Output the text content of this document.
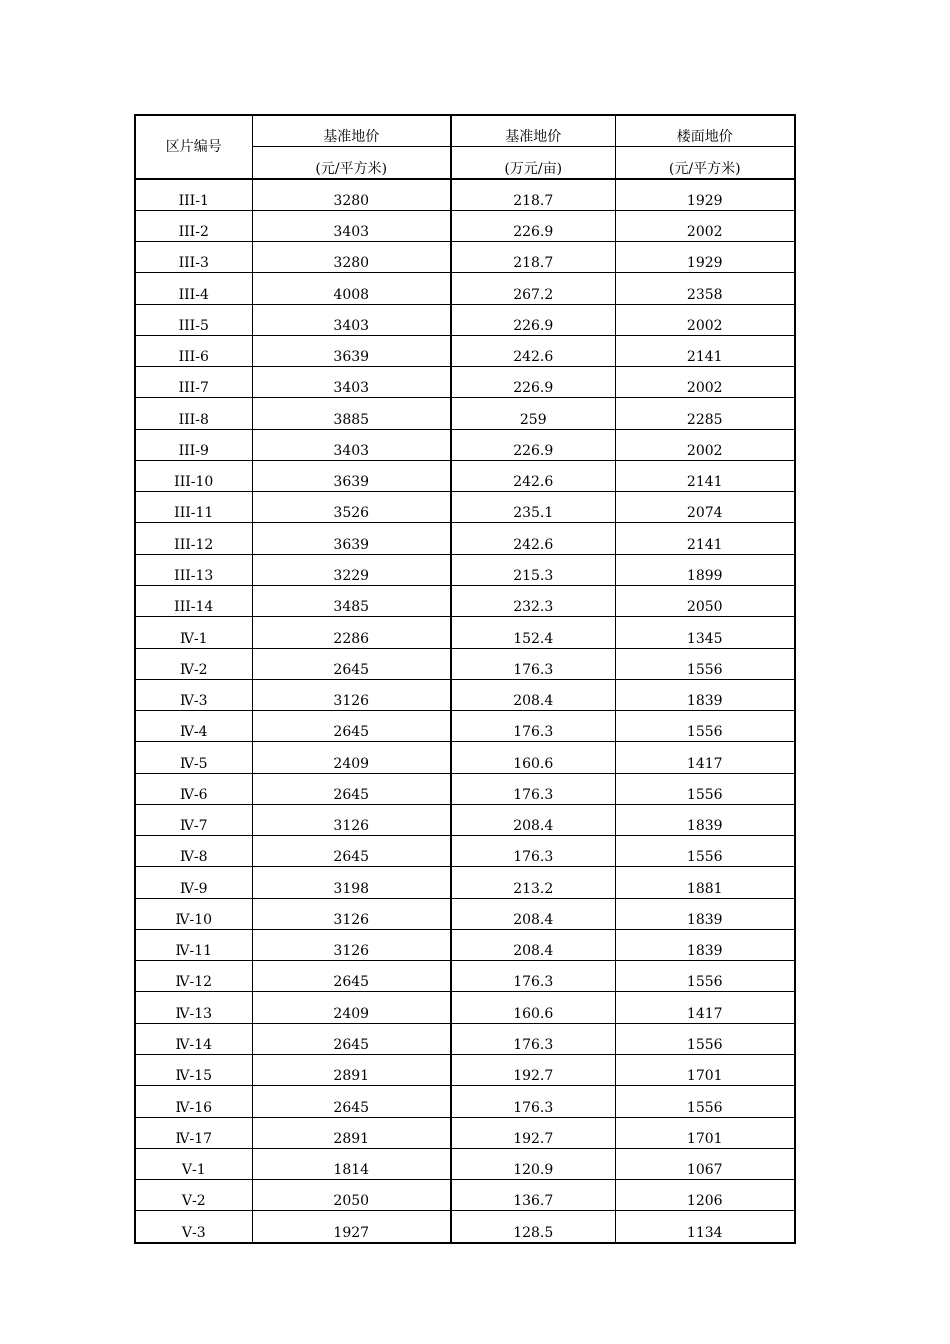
区片编号	基准地价	基准地价	楼面地价
	(元/平方米)	(万元/亩)	(元/平方米)
III-1	3280	218.7	1929
III-2	3403	226.9	2002
III-3	3280	218.7	1929
III-4	4008	267.2	2358
III-5	3403	226.9	2002
III-6	3639	242.6	2141
III-7	3403	226.9	2002
III-8	3885	259	2285
III-9	3403	226.9	2002
III-10	3639	242.6	2141
III-11	3526	235.1	2074
III-12	3639	242.6	2141
III-13	3229	215.3	1899
III-14	3485	232.3	2050
Ⅳ-1	2286	152.4	1345
Ⅳ-2	2645	176.3	1556
Ⅳ-3	3126	208.4	1839
Ⅳ-4	2645	176.3	1556
Ⅳ-5	2409	160.6	1417
Ⅳ-6	2645	176.3	1556
Ⅳ-7	3126	208.4	1839
Ⅳ-8	2645	176.3	1556
Ⅳ-9	3198	213.2	1881
Ⅳ-10	3126	208.4	1839
Ⅳ-11	3126	208.4	1839
Ⅳ-12	2645	176.3	1556
Ⅳ-13	2409	160.6	1417
Ⅳ-14	2645	176.3	1556
Ⅳ-15	2891	192.7	1701
Ⅳ-16	2645	176.3	1556
Ⅳ-17	2891	192.7	1701
Ⅴ-1	1814	120.9	1067
Ⅴ-2	2050	136.7	1206
Ⅴ-3	1927	128.5	1134
